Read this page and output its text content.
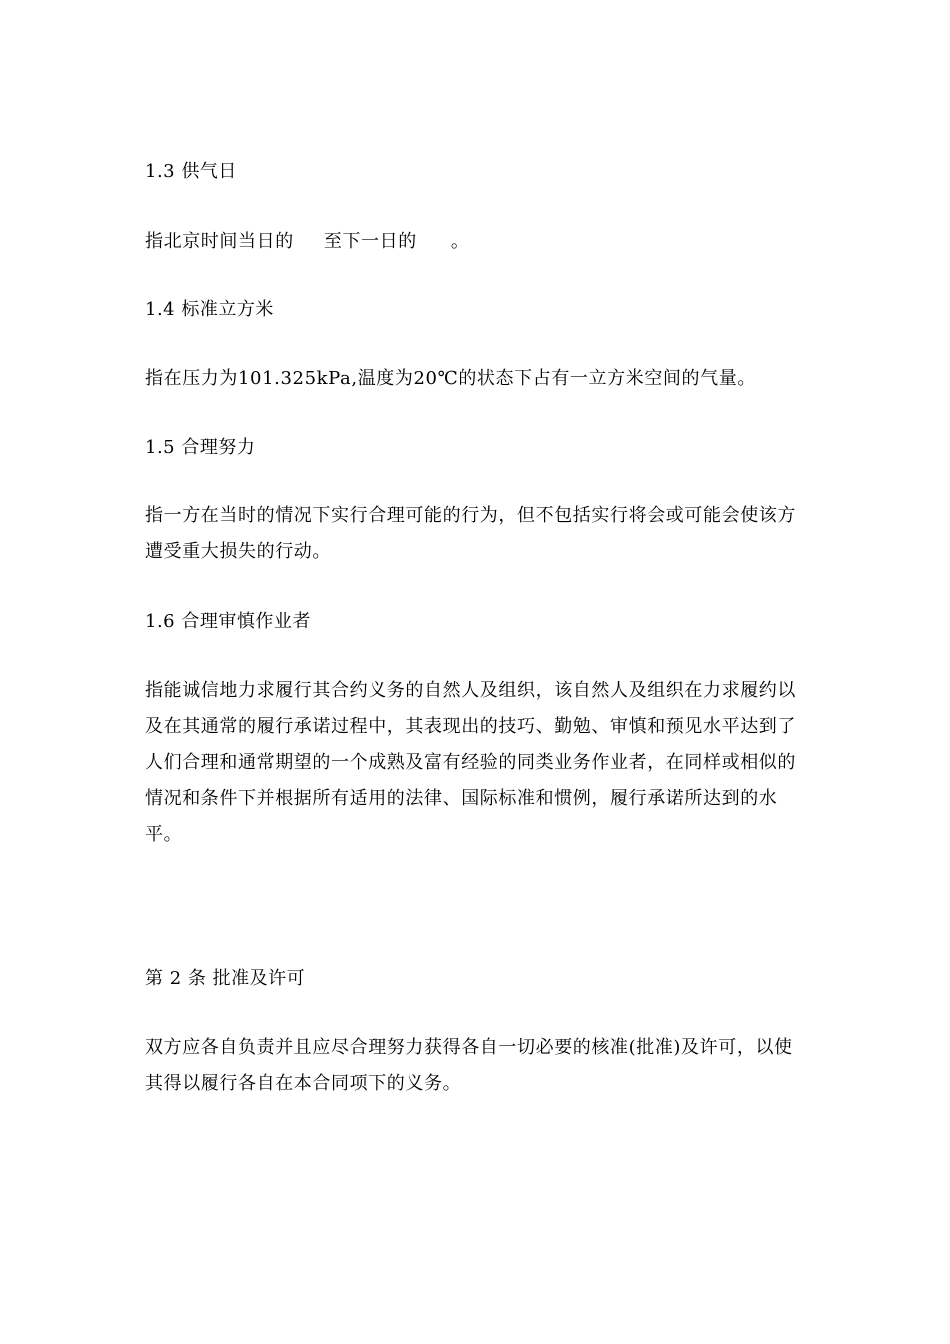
1.3 供气日

指北京时间当日的 至下一日的 。

1.4 标准立方米

指在压力为101.325kPa,温度为20℃的状态下占有一立方米空间的气量。

1.5 合理努力

指一方在当时的情况下实行合理可能的行为，但不包括实行将会或可能会使该方遭受重大损失的行动。

1.6 合理审慎作业者

指能诚信地力求履行其合约义务的自然人及组织，该自然人及组织在力求履约以及在其通常的履行承诺过程中，其表现出的技巧、勤勉、审慎和预见水平达到了人们合理和通常期望的一个成熟及富有经验的同类业务作业者，在同样或相似的情况和条件下并根据所有适用的法律、国际标准和惯例，履行承诺所达到的水平。

第 2 条 批准及许可

双方应各自负责并且应尽合理努力获得各自一切必要的核准(批准)及许可，以使其得以履行各自在本合同项下的义务。
